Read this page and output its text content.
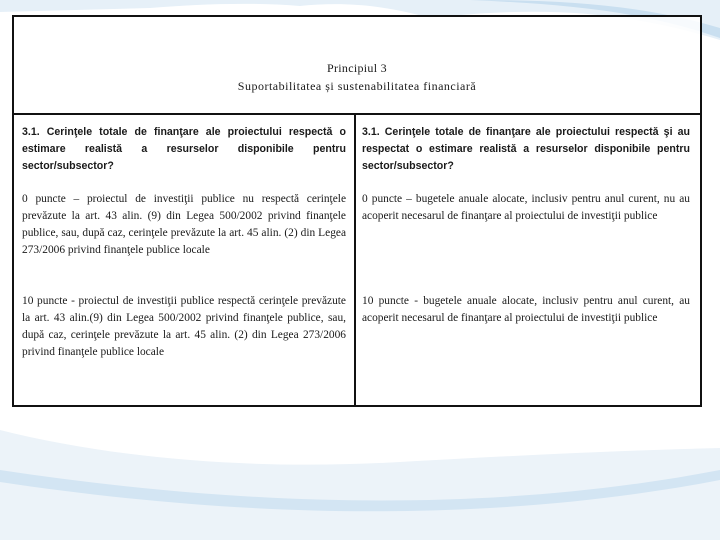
Principiul 3
Suportabilitatea și sustenabilitatea financiară
3.1. Cerinţele totale de finanţare ale proiectului respectă o estimare realistă a resurselor disponibile pentru sector/subsector?
3.1. Cerinţele totale de finanţare ale proiectului respectă şi au respectat o estimare realistă a resurselor disponibile pentru sector/subsector?
0 puncte – proiectul de investiţii publice nu respectă cerinţele prevăzute la art. 43 alin. (9) din Legea 500/2002 privind finanţele publice, sau, după caz, cerinţele prevăzute la art. 45 alin. (2) din Legea 273/2006 privind finanţele publice locale
0 puncte – bugetele anuale alocate, inclusiv pentru anul curent, nu au acoperit necesarul de finanţare al proiectului de investiţii publice
10 puncte - proiectul de investiţii publice respectă cerinţele prevăzute la art. 43 alin.(9) din Legea 500/2002 privind finanţele publice, sau, după caz, cerinţele prevăzute la art. 45 alin. (2) din Legea 273/2006 privind finanţele publice locale
10 puncte - bugetele anuale alocate, inclusiv pentru anul curent, au acoperit necesarul de finanţare al proiectului de investiţii publice
